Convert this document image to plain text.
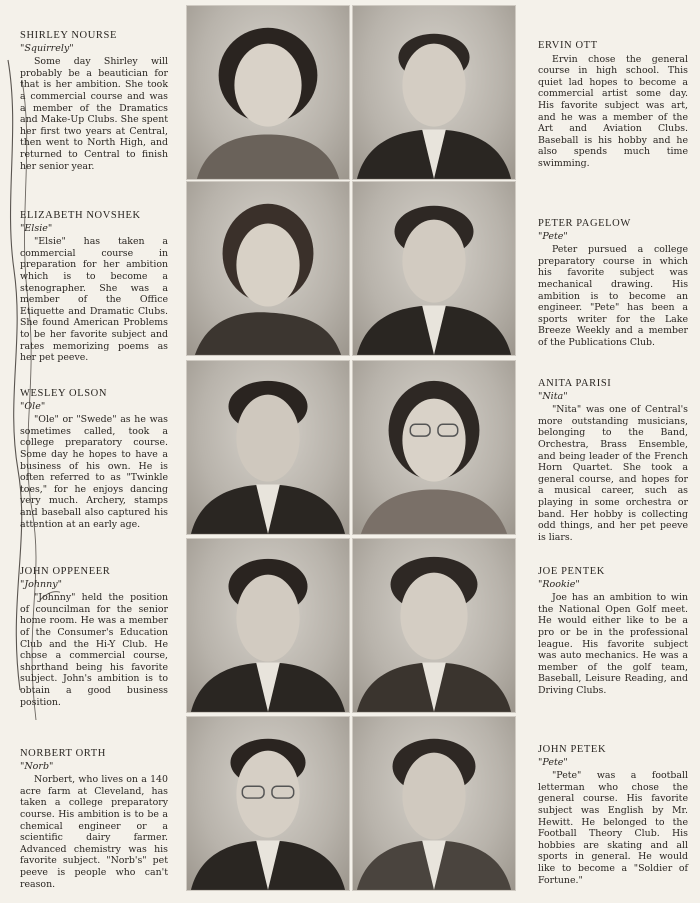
SHIRLEY NOURSE
"Squirrely"
Some day Shirley will probably be a beautician for that is her ambition. She took a commercial course and was a member of the Dramatics and Make-Up Clubs. She spent her first two years at Central, then went to North High, and returned to Central to finish her senior year.
ERVIN OTT
Ervin chose the general course in high school. This quiet lad hopes to become a commercial artist some day. His favorite subject was art, and he was a member of the Art and Aviation Clubs. Baseball is his hobby and he also spends much time swimming.
ELIZABETH NOVSHEK
"Elsie"
"Elsie" has taken a commercial course in preparation for her ambition which is to become a stenographer. She was a member of the Office Etiquette and Dramatic Clubs. She found American Problems to be her favorite subject and rates memorizing poems as her pet peeve.
PETER PAGELOW
"Pete"
Peter pursued a college preparatory course in which his favorite subject was mechanical drawing. His ambition is to become an engineer. "Pete" has been a sports writer for the Lake Breeze Weekly and a member of the Publications Club.
WESLEY OLSON
"Ole"
"Ole" or "Swede" as he was sometimes called, took a college preparatory course. Some day he hopes to have a business of his own. He is often referred to as "Twinkle toes," for he enjoys dancing very much. Archery, stamps and baseball also captured his attention at an early age.
ANITA PARISI
"Nita"
"Nita" was one of Central's more outstanding musicians, belonging to the Band, Orchestra, Brass Ensemble, and being leader of the French Horn Quartet. She took a general course, and hopes for a musical career, such as playing in some orchestra or band. Her hobby is collecting odd things, and her pet peeve is liars.
JOHN OPPENEER
"Johnny"
"Johnny" held the position of councilman for the senior home room. He was a member of the Consumer's Education Club and the Hi-Y Club. He chose a commercial course, shorthand being his favorite subject. John's ambition is to obtain a good business position.
JOE PENTEK
"Rookie"
Joe has an ambition to win the National Open Golf meet. He would either like to be a pro or be in the professional league. His favorite subject was auto mechanics. He was a member of the golf team, Baseball, Leisure Reading, and Driving Clubs.
NORBERT ORTH
"Norb"
Norbert, who lives on a 140 acre farm at Cleveland, has taken a college preparatory course. His ambition is to be a chemical engineer or a scientific dairy farmer. Advanced chemistry was his favorite subject. "Norb's" pet peeve is people who can't reason.
JOHN PETEK
"Pete"
"Pete" was a football letterman who chose the general course. His favorite subject was English by Mr. Hewitt. He belonged to the Football Theory Club. His hobbies are skating and all sports in general. He would like to become a "Soldier of Fortune."
